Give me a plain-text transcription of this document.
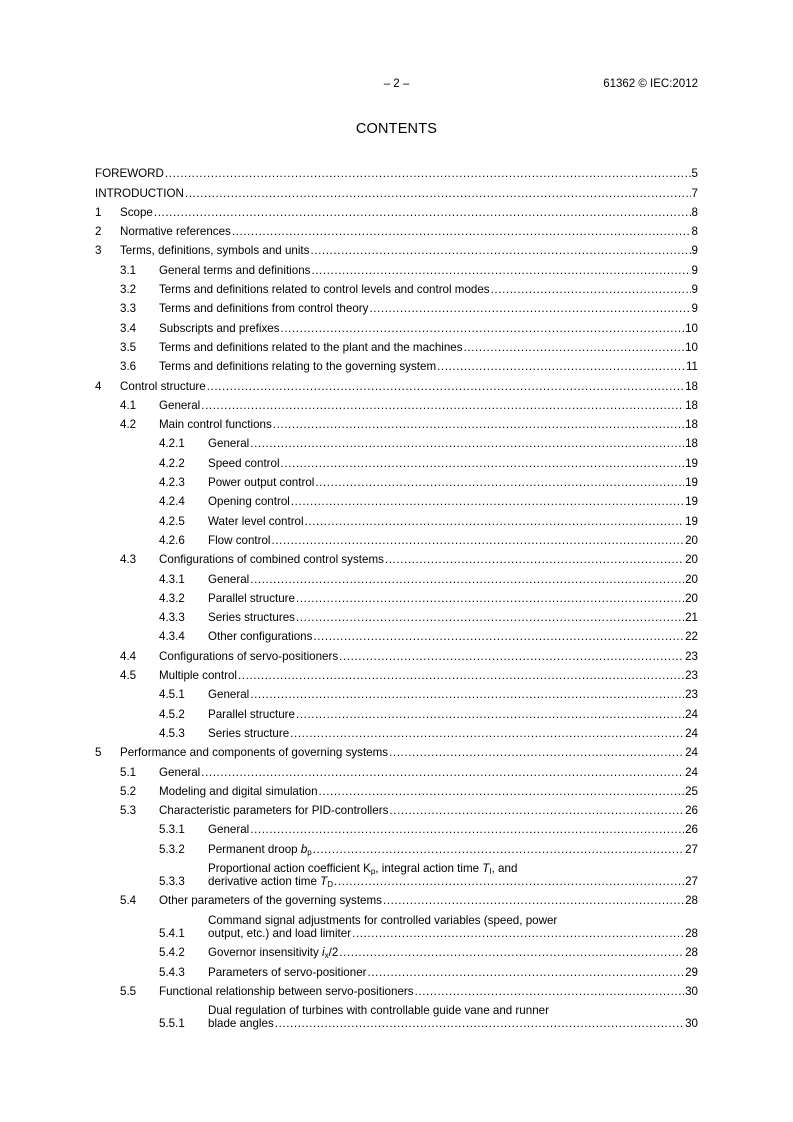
– 2 –	61362 © IEC:2012
CONTENTS
FOREWORD .....	5
INTRODUCTION .....	7
1	Scope .....	8
2	Normative references .....	8
3	Terms, definitions, symbols and units .....	9
3.1	General terms and definitions .....	9
3.2	Terms and definitions related to control levels and control modes .....	9
3.3	Terms and definitions from control theory .....	9
3.4	Subscripts and prefixes .....	10
3.5	Terms and definitions related to the plant and the machines .....	10
3.6	Terms and definitions relating to the governing system .....	11
4	Control structure .....	18
4.1	General .....	18
4.2	Main control functions .....	18
4.2.1	General .....	18
4.2.2	Speed control .....	19
4.2.3	Power output control .....	19
4.2.4	Opening control .....	19
4.2.5	Water level control .....	19
4.2.6	Flow control .....	20
4.3	Configurations of combined control systems .....	20
4.3.1	General .....	20
4.3.2	Parallel structure .....	20
4.3.3	Series structures .....	21
4.3.4	Other configurations .....	22
4.4	Configurations of servo-positioners .....	23
4.5	Multiple control .....	23
4.5.1	General .....	23
4.5.2	Parallel structure .....	24
4.5.3	Series structure .....	24
5	Performance and components of governing systems .....	24
5.1	General .....	24
5.2	Modeling and digital simulation .....	25
5.3	Characteristic parameters for PID-controllers .....	26
5.3.1	General .....	26
5.3.2	Permanent droop $b_p$ .....	27
5.3.3
Proportional action coefficient $K_p$, integral action time $T_I$, and
derivative action time $T_D$ .....	27
5.4	Other parameters of the governing systems .....	28
5.4.1
Command signal adjustments for controlled variables (speed, power
output, etc.) and load limiter .....	28
5.4.2	Governor insensitivity $i_x/2$ .....	28
5.4.3	Parameters of servo-positioner .....	29
5.5	Functional relationship between servo-positioners .....	30
5.5.1
Dual regulation of turbines with controllable guide vane and runner
blade angles .....	30
